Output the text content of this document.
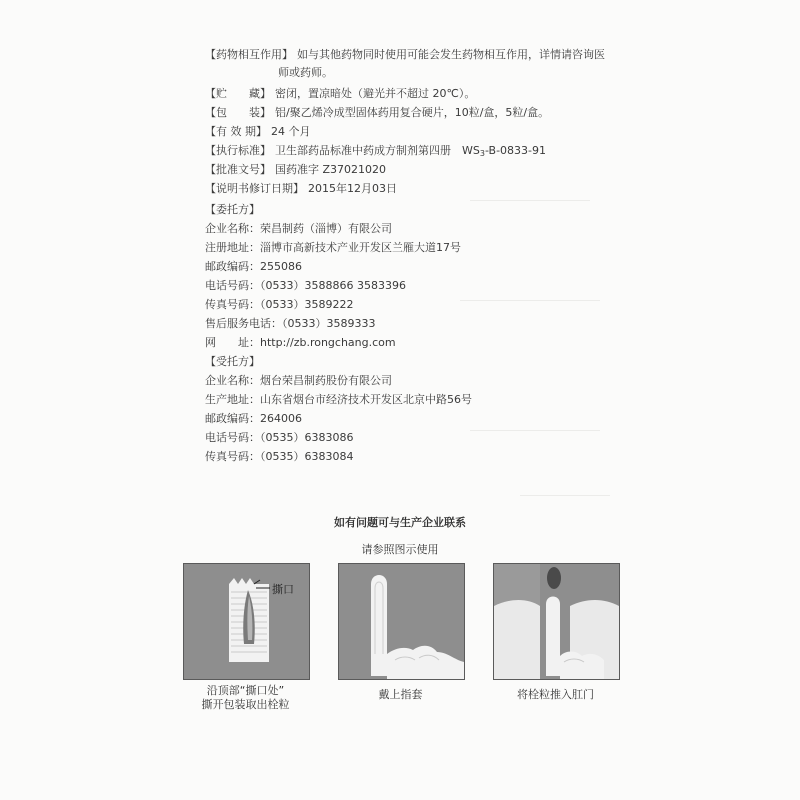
【药物相互作用】 如与其他药物同时使用可能会发生药物相互作用，详情请咨询医
师或药师。
【贮　　藏】 密闭，置凉暗处（避光并不超过 20℃）。
【包　　装】 铝/聚乙烯冷成型固体药用复合硬片，10粒/盒，5粒/盒。
【有 效 期】 24 个月
【执行标准】 卫生部药品标准中药成方制剂第四册　$WS_3-B-0833-91$
【批准文号】 国药准字 Z37021020
【说明书修订日期】 2015年12月03日
【委托方】
企业名称：荣昌制药（淄博）有限公司
注册地址：淄博市高新技术产业开发区兰雁大道17号
邮政编码：255086
电话号码：（0533）3588866 3583396
传真号码：（0533）3589222
售后服务电话：（0533）3589333
网　　址：http://zb.rongchang.com
【受托方】
企业名称：烟台荣昌制药股份有限公司
生产地址：山东省烟台市经济技术开发区北京中路56号
邮政编码：264006
电话号码：（0535）6383086
传真号码：（0535）6383084
如有问题可与生产企业联系
请参照图示使用
撕口
沿顶部“撕口处”
撕开包装取出栓粒
戴上指套	将栓粒推入肛门
